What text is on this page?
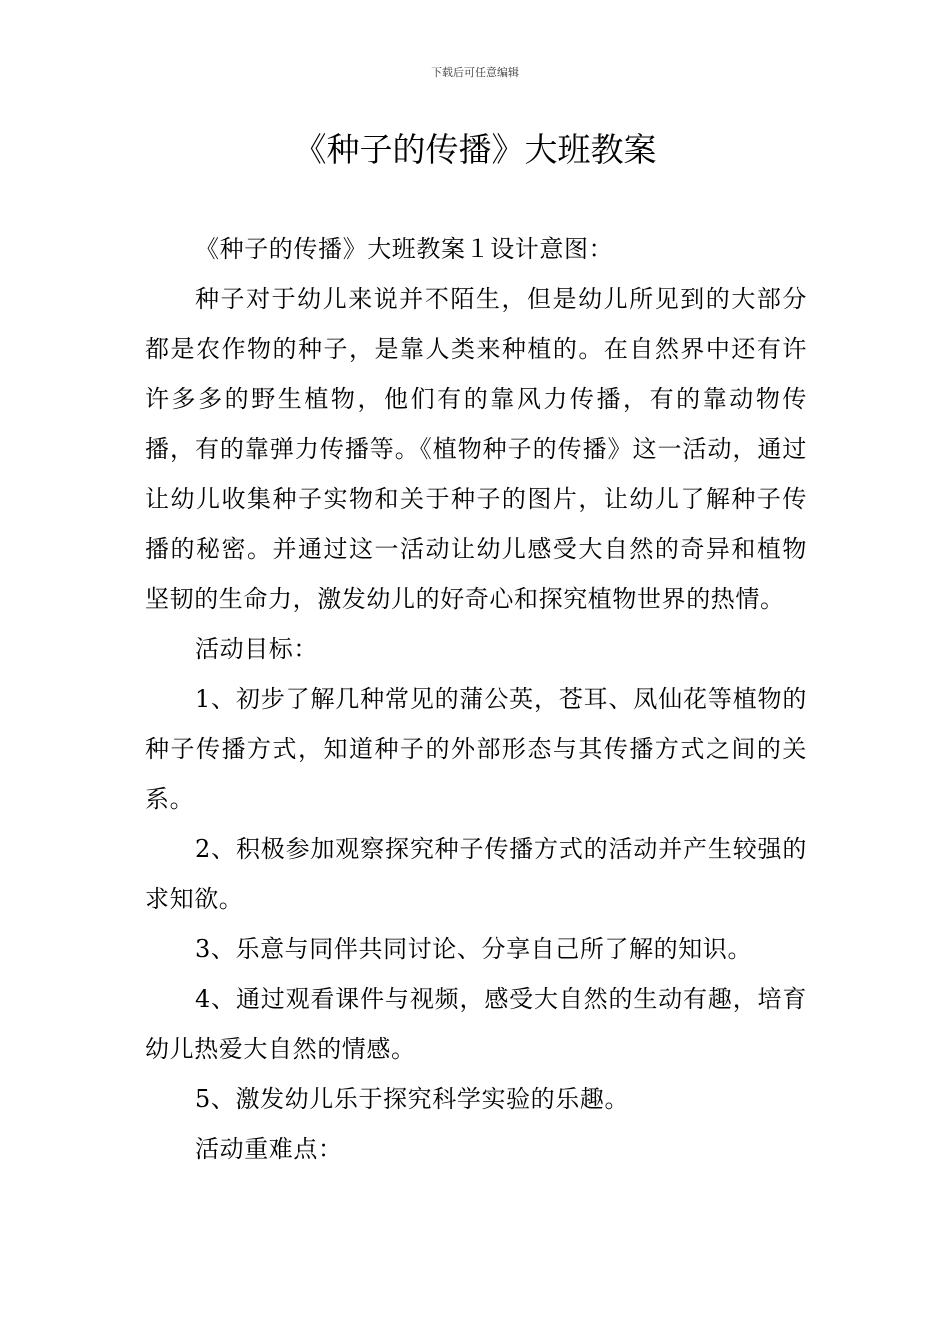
下载后可任意编辑
《种子的传播》大班教案

《种子的传播》大班教案１设计意图：

种子对于幼儿来说并不陌生，但是幼儿所见到的大部分都是农作物的种子，是靠人类来种植的。在自然界中还有许许多多的野生植物，他们有的靠风力传播，有的靠动物传播，有的靠弹力传播等。《植物种子的传播》这一活动，通过让幼儿收集种子实物和关于种子的图片，让幼儿了解种子传播的秘密。并通过这一活动让幼儿感受大自然的奇异和植物坚韧的生命力，激发幼儿的好奇心和探究植物世界的热情。

活动目标：

1、初步了解几种常见的蒲公英，苍耳、凤仙花等植物的种子传播方式，知道种子的外部形态与其传播方式之间的关系。

2、积极参加观察探究种子传播方式的活动并产生较强的求知欲。

3、乐意与同伴共同讨论、分享自己所了解的知识。

4、通过观看课件与视频，感受大自然的生动有趣，培育幼儿热爱大自然的情感。

5、激发幼儿乐于探究科学实验的乐趣。

活动重难点：
